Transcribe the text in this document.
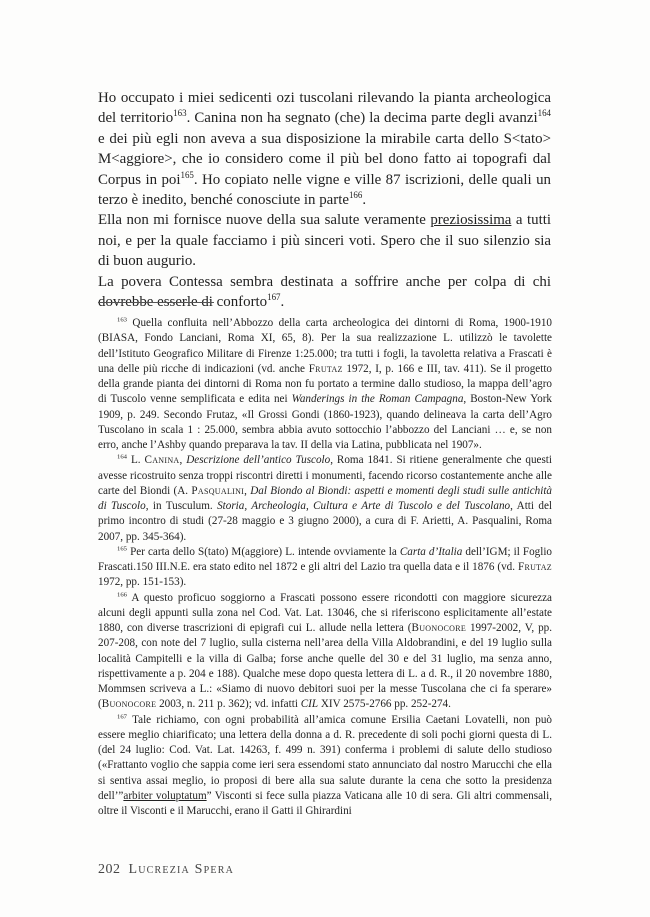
Ho occupato i miei sedicenti ozi tuscolani rilevando la pianta archeologica del territorio$^{163}$. Canina non ha segnato (che) la decima parte degli avanzi$^{164}$ e dei più egli non aveva a sua disposizione la mirabile carta dello S<tato> M<aggiore>, che io considero come il più bel dono fatto ai topografi dal Corpus in poi$^{165}$. Ho copiato nelle vigne e ville 87 iscrizioni, delle quali un terzo è inedito, benché conosciute in parte$^{166}$.

Ella non mi fornisce nuove della sua salute veramente preziosissima a tutti noi, e per la quale facciamo i più sinceri voti. Spero che il suo silenzio sia di buon augurio.

La povera Contessa sembra destinata a soffrire anche per colpa di chi dovrebbe esserle di conforto$^{167}$.

$^{163}$ Quella confluita nell’Abbozzo della carta archeologica dei dintorni di Roma, 1900-1910 (BIASA, Fondo Lanciani, Roma XI, 65, 8). Per la sua realizzazione L. utilizzò le tavolette dell’Istituto Geografico Militare di Firenze 1:25.000; tra tutti i fogli, la tavoletta relativa a Frascati è una delle più ricche di indicazioni (vd. anche Frutaz 1972, I, p. 166 e III, tav. 411). Se il progetto della grande pianta dei dintorni di Roma non fu portato a termine dallo studioso, la mappa dell’agro di Tuscolo venne semplificata e edita nei Wanderings in the Roman Campagna, Boston-New York 1909, p. 249. Secondo Frutaz, «Il Grossi Gondi (1860-1923), quando delineava la carta dell’Agro Tuscolano in scala 1 : 25.000, sembra abbia avuto sottocchio l’abbozzo del Lanciani … e, se non erro, anche l’Ashby quando preparava la tav. II della via Latina, pubblicata nel 1907».

$^{164}$ L. Canina, Descrizione dell’antico Tuscolo, Roma 1841. Si ritiene generalmente che questi avesse ricostruito senza troppi riscontri diretti i monumenti, facendo ricorso costantemente anche alle carte del Biondi (A. Pasqualini, Dal Biondo al Biondi: aspetti e momenti degli studi sulle antichità di Tuscolo, in Tusculum. Storia, Archeologia, Cultura e Arte di Tuscolo e del Tuscolano, Atti del primo incontro di studi (27-28 maggio e 3 giugno 2000), a cura di F. Arietti, A. Pasqualini, Roma 2007, pp. 345-364).

$^{165}$ Per carta dello S(tato) M(aggiore) L. intende ovviamente la Carta d’Italia dell’IGM; il Foglio Frascati.150 III.N.E. era stato edito nel 1872 e gli altri del Lazio tra quella data e il 1876 (vd. Frutaz 1972, pp. 151-153).

$^{166}$ A questo proficuo soggiorno a Frascati possono essere ricondotti con maggiore sicurezza alcuni degli appunti sulla zona nel Cod. Vat. Lat. 13046, che si riferiscono esplicitamente all’estate 1880, con diverse trascrizioni di epigrafi cui L. allude nella lettera (Buonocore 1997-2002, V, pp. 207-208, con note del 7 luglio, sulla cisterna nell’area della Villa Aldobrandini, e del 19 luglio sulla località Campitelli e la villa di Galba; forse anche quelle del 30 e del 31 luglio, ma senza anno, rispettivamente a p. 204 e 188). Qualche mese dopo questa lettera di L. a d. R., il 20 novembre 1880, Mommsen scriveva a L.: «Siamo di nuovo debitori suoi per la messe Tuscolana che ci fa sperare» (Buonocore 2003, n. 211 p. 362); vd. infatti CIL XIV 2575-2766 pp. 252-274.

$^{167}$ Tale richiamo, con ogni probabilità all’amica comune Ersilia Caetani Lovatelli, non può essere meglio chiarificato; una lettera della donna a d. R. precedente di soli pochi giorni questa di L. (del 24 luglio: Cod. Vat. Lat. 14263, f. 499 n. 391) conferma i problemi di salute dello studioso («Frattanto voglio che sappia come ieri sera essendomi stato annunciato dal nostro Marucchi che ella si sentiva assai meglio, io proposi di bere alla sua salute durante la cena che sotto la presidenza dell’”arbiter voluptatum” Visconti si fece sulla piazza Vaticana alle 10 di sera. Gli altri commensali, oltre il Visconti e il Marucchi, erano il Gatti il Ghirardini

202 Lucrezia Spera
